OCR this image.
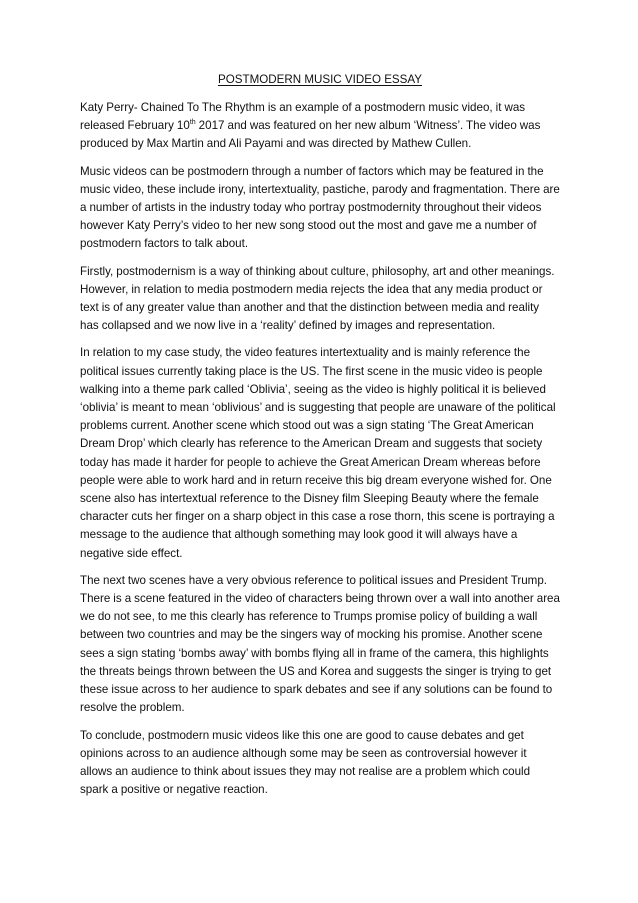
POSTMODERN MUSIC VIDEO ESSAY

Katy Perry- Chained To The Rhythm is an example of a postmodern music video, it was released February 10th 2017 and was featured on her new album ‘Witness’. The video was produced by Max Martin and Ali Payami and was directed by Mathew Cullen.

Music videos can be postmodern through a number of factors which may be featured in the music video, these include irony, intertextuality, pastiche, parody and fragmentation. There are a number of artists in the industry today who portray postmodernity throughout their videos however Katy Perry’s video to her new song stood out the most and gave me a number of postmodern factors to talk about.

Firstly, postmodernism is a way of thinking about culture, philosophy, art and other meanings. However, in relation to media postmodern media rejects the idea that any media product or text is of any greater value than another and that the distinction between media and reality has collapsed and we now live in a ‘reality’ defined by images and representation.

In relation to my case study, the video features intertextuality and is mainly reference the political issues currently taking place is the US. The first scene in the music video is people walking into a theme park called ‘Oblivia’, seeing as the video is highly political it is believed ‘oblivia’ is meant to mean ‘oblivious’ and is suggesting that people are unaware of the political problems current. Another scene which stood out was a sign stating ‘The Great American Dream Drop’ which clearly has reference to the American Dream and suggests that society today has made it harder for people to achieve the Great American Dream whereas before people were able to work hard and in return receive this big dream everyone wished for. One scene also has intertextual reference to the Disney film Sleeping Beauty where the female character cuts her finger on a sharp object in this case a rose thorn, this scene is portraying a message to the audience that although something may look good it will always have a negative side effect.

The next two scenes have a very obvious reference to political issues and President Trump. There is a scene featured in the video of characters being thrown over a wall into another area we do not see, to me this clearly has reference to Trumps promise policy of building a wall between two countries and may be the singers way of mocking his promise. Another scene sees a sign stating ‘bombs away’ with bombs flying all in frame of the camera, this highlights the threats beings thrown between the US and Korea and suggests the singer is trying to get these issue across to her audience to spark debates and see if any solutions can be found to resolve the problem.

To conclude, postmodern music videos like this one are good to cause debates and get opinions across to an audience although some may be seen as controversial however it allows an audience to think about issues they may not realise are a problem which could spark a positive or negative reaction.
